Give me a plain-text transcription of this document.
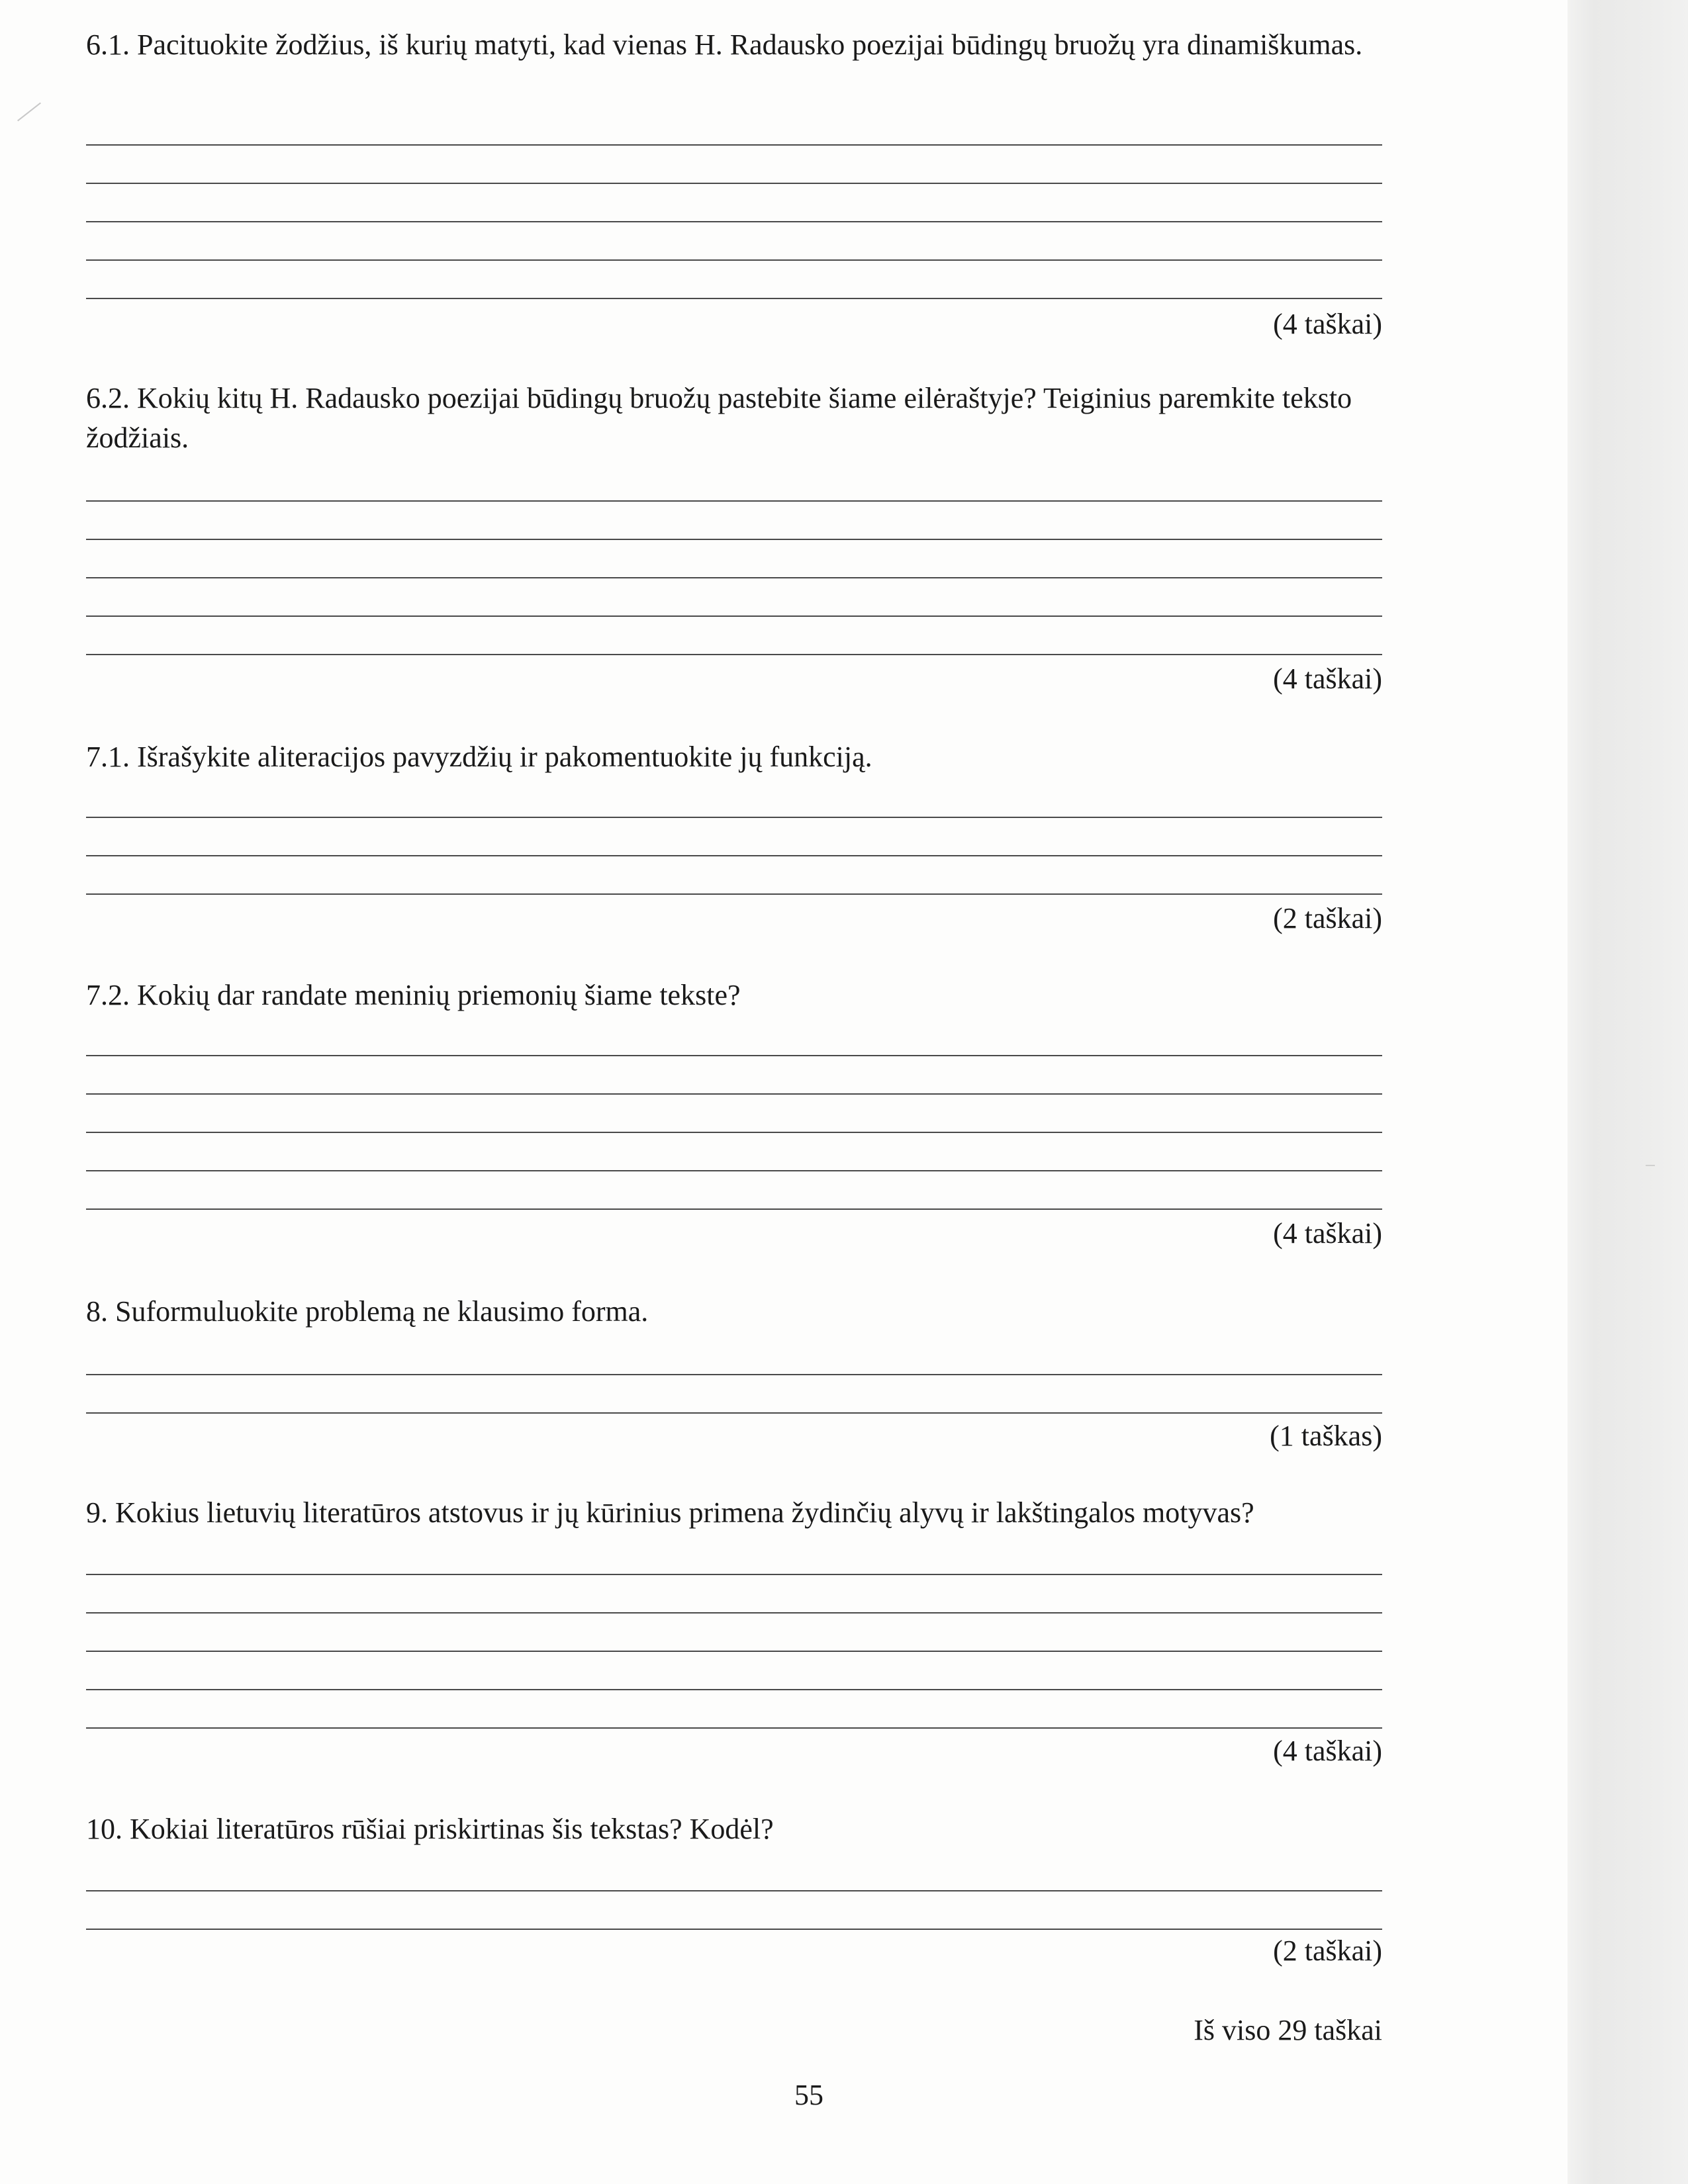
6.1. Pacituokite žodžius, iš kurių matyti, kad vienas H. Radausko poezijai būdingų bruožų yra dinamiškumas.

(4 taškai)

6.2. Kokių kitų H. Radausko poezijai būdingų bruožų pastebite šiame eilėraštyje? Teiginius paremkite teksto žodžiais.

(4 taškai)

7.1. Išrašykite aliteracijos pavyzdžių ir pakomentuokite jų funkciją.

(2 taškai)

7.2. Kokių dar randate meninių priemonių šiame tekste?

(4 taškai)

8. Suformuluokite problemą ne klausimo forma.

(1 taškas)

9. Kokius lietuvių literatūros atstovus ir jų kūrinius primena žydinčių alyvų ir lakštingalos motyvas?

(4 taškai)

10. Kokiai literatūros rūšiai priskirtinas šis tekstas? Kodėl?

(2 taškai)

Iš viso 29 taškai

55
